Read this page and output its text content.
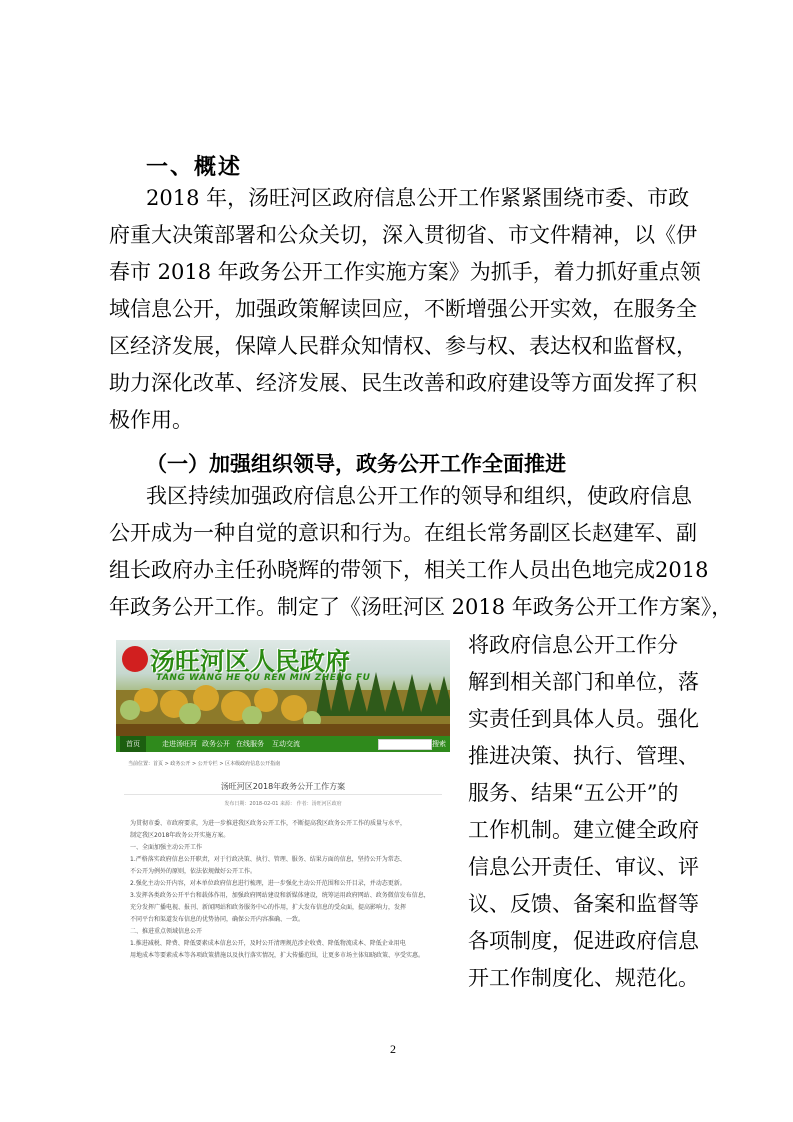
一、概述
2018 年，汤旺河区政府信息公开工作紧紧围绕市委、市政
府重大决策部署和公众关切，深入贯彻省、市文件精神，以《伊
春市 2018 年政务公开工作实施方案》为抓手，着力抓好重点领
域信息公开，加强政策解读回应，不断增强公开实效，在服务全
区经济发展，保障人民群众知情权、参与权、表达权和监督权，
助力深化改革、经济发展、民生改善和政府建设等方面发挥了积
极作用。
（一）加强组织领导，政务公开工作全面推进
我区持续加强政府信息公开工作的领导和组织，使政府信息
公开成为一种自觉的意识和行为。在组长常务副区长赵建军、副
组长政府办主任孙晓辉的带领下，相关工作人员出色地完成2018
年政务公开工作。制定了《汤旺河区 2018 年政务公开工作方案》，
汤旺河区人民政府
TANG WANG HE QU REN MIN ZHENG FU
首页	走进汤旺河 政务公开 在线服务 互动交流	搜索
当前位置：首页 > 政务公开 > 公开专栏 > 区本级政府信息公开指南
汤旺河区2018年政务公开工作方案
发布日期：2018-02-01 来源： 作者：汤旺河区政府
为贯彻市委、市政府要求，为进一步推进我区政务公开工作，不断提高我区政务公开工作的质量与水平，
制定我区2018年政务公开实施方案。
一、全面加强主动公开工作
1.严格落实政府信息公开职责，对于行政决策、执行、管理、服务、结果方面的信息，坚持公开为常态、
不公开为例外的原则，依法依规做好公开工作。
2.强化主动公开内容，对本单位政府信息进行梳理，进一步强化主动公开范围和公开目录，并动态更新。
3.发挥各类政务公开平台和载体作用，加强政府网站建设和新媒体建设，统筹运用政府网站、政务微信发布信息，
充分发挥广播电视、报刊、新闻网站和政务服务中心的作用，扩大发布信息的受众面，提高影响力，发挥
不同平台和渠道发布信息的优势协同，确保公开内容准确、一致。
二、推进重点领域信息公开
1.推进减税、降费、降低要素成本信息公开，及时公开清理规范涉企收费、降低物流成本、降低企业用电
用地成本等要素成本等各项政策措施以及执行落实情况，扩大传播范围，让更多市场主体知晓政策、享受实惠。
将政府信息公开工作分
解到相关部门和单位，落
实责任到具体人员。强化
推进决策、执行、管理、
服务、结果“五公开”的
工作机制。建立健全政府
信息公开责任、审议、评
议、反馈、备案和监督等
各项制度，促进政府信息
开工作制度化、规范化。
2
